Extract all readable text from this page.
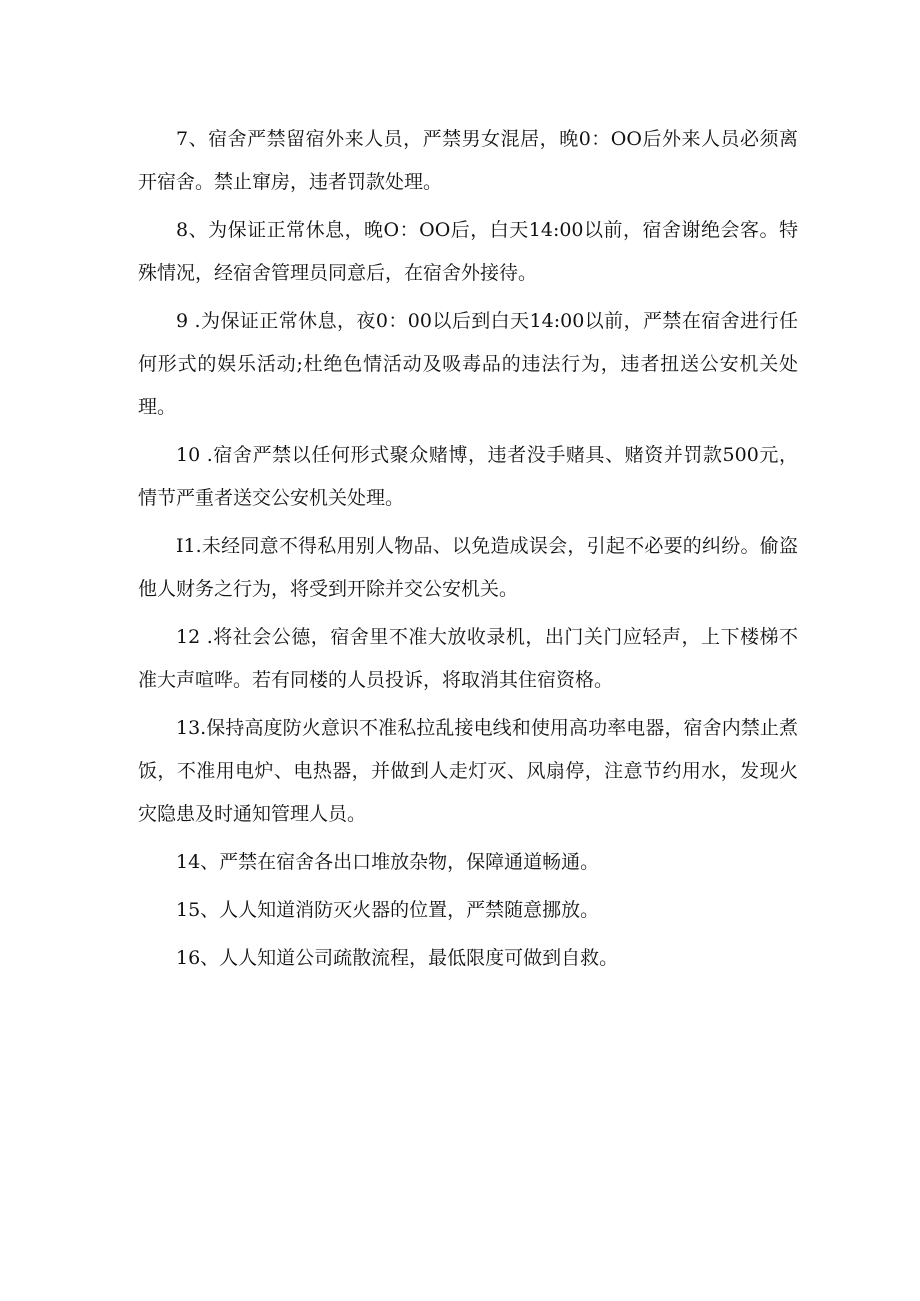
7、宿舍严禁留宿外来人员，严禁男女混居，晚0：OO后外来人员必须离开宿舍。禁止窜房，违者罚款处理。

8、为保证正常休息，晚O：OO后，白天14:00以前，宿舍谢绝会客。特殊情况，经宿舍管理员同意后，在宿舍外接待。

9 .为保证正常休息，夜0：00以后到白天14:00以前，严禁在宿舍进行任何形式的娱乐活动;杜绝色情活动及吸毒品的违法行为，违者扭送公安机关处理。

10 .宿舍严禁以任何形式聚众赌博，违者没手赌具、赌资并罚款500元，情节严重者送交公安机关处理。

I1.未经同意不得私用别人物品、以免造成误会，引起不必要的纠纷。偷盗他人财务之行为，将受到开除并交公安机关。

12 .将社会公德，宿舍里不准大放收录机，出门关门应轻声，上下楼梯不准大声喧哗。若有同楼的人员投诉，将取消其住宿资格。

13.保持高度防火意识不准私拉乱接电线和使用高功率电器，宿舍内禁止煮饭，不准用电炉、电热器，并做到人走灯灭、风扇停，注意节约用水，发现火灾隐患及时通知管理人员。

14、严禁在宿舍各出口堆放杂物，保障通道畅通。

15、人人知道消防灭火器的位置，严禁随意挪放。

16、人人知道公司疏散流程，最低限度可做到自救。
